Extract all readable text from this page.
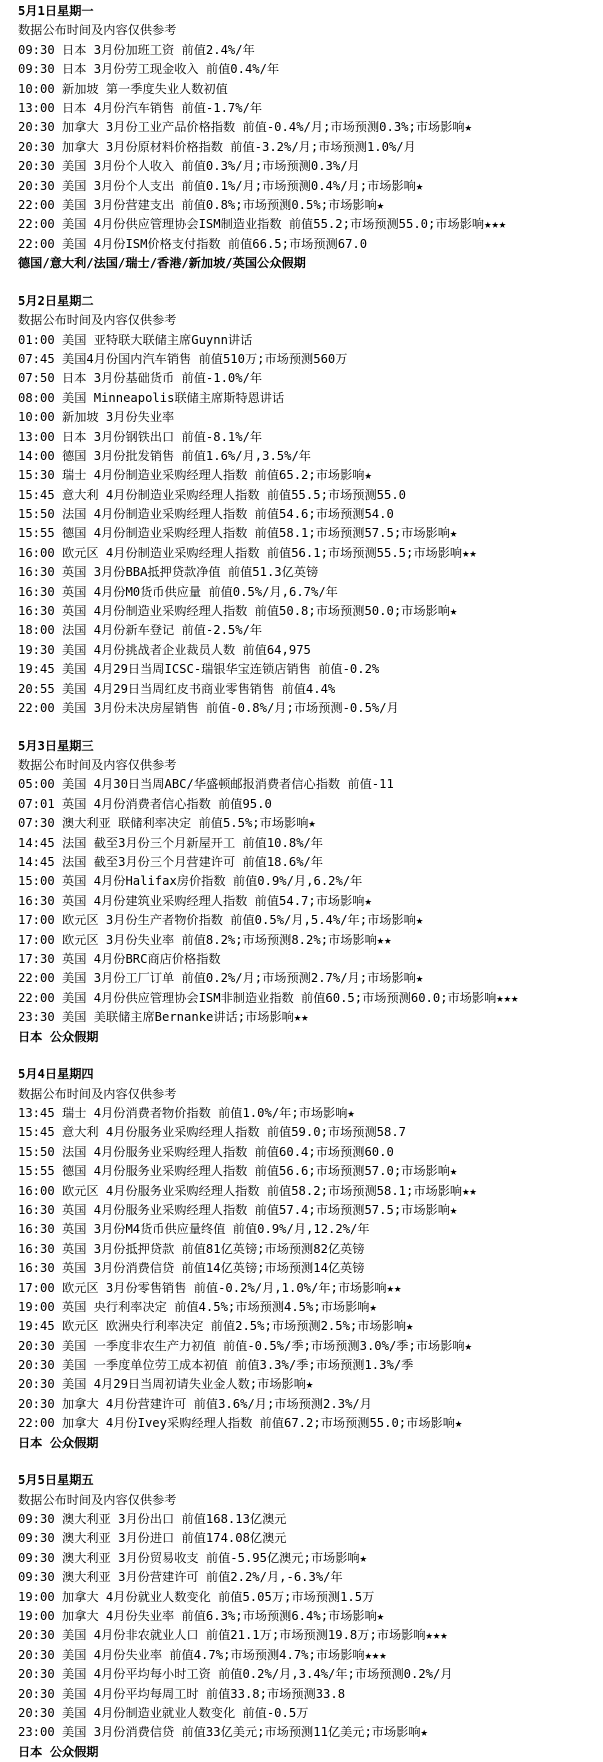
5月1日星期一
数据公布时间及内容仅供参考
09:30 日本 3月份加班工资 前值2.4%/年
09:30 日本 3月份劳工现金收入 前值0.4%/年
10:00 新加坡 第一季度失业人数初值
13:00 日本 4月份汽车销售 前值-1.7%/年
20:30 加拿大 3月份工业产品价格指数 前值-0.4%/月;市场预测0.3%;市场影响★
20:30 加拿大 3月份原材料价格指数 前值-3.2%/月;市场预测1.0%/月
20:30 美国 3月份个人收入 前值0.3%/月;市场预测0.3%/月
20:30 美国 3月份个人支出 前值0.1%/月;市场预测0.4%/月;市场影响★
22:00 美国 3月份营建支出 前值0.8%;市场预测0.5%;市场影响★
22:00 美国 4月份供应管理协会ISM制造业指数 前值55.2;市场预测55.0;市场影响★★★
22:00 美国 4月份ISM价格支付指数 前值66.5;市场预测67.0
德国/意大利/法国/瑞士/香港/新加坡/英国公众假期
5月2日星期二
数据公布时间及内容仅供参考
01:00 美国 亚特联大联储主席Guynn讲话
07:45 美国4月份国内汽车销售 前值510万;市场预测560万
07:50 日本 3月份基础货币 前值-1.0%/年
08:00 美国 Minneapolis联储主席斯特恩讲话
10:00 新加坡 3月份失业率
13:00 日本 3月份钢铁出口 前值-8.1%/年
14:00 德国 3月份批发销售 前值1.6%/月,3.5%/年
15:30 瑞士 4月份制造业采购经理人指数 前值65.2;市场影响★
15:45 意大利 4月份制造业采购经理人指数 前值55.5;市场预测55.0
15:50 法国 4月份制造业采购经理人指数 前值54.6;市场预测54.0
15:55 德国 4月份制造业采购经理人指数 前值58.1;市场预测57.5;市场影响★
16:00 欧元区 4月份制造业采购经理人指数 前值56.1;市场预测55.5;市场影响★★
16:30 英国 3月份BBA抵押贷款净值 前值51.3亿英镑
16:30 英国 4月份M0货币供应量 前值0.5%/月,6.7%/年
16:30 英国 4月份制造业采购经理人指数 前值50.8;市场预测50.0;市场影响★
18:00 法国 4月份新车登记 前值-2.5%/年
19:30 美国 4月份挑战者企业裁员人数 前值64,975
19:45 美国 4月29日当周ICSC-瑞银华宝连锁店销售 前值-0.2%
20:55 美国 4月29日当周红皮书商业零售销售 前值4.4%
22:00 美国 3月份未决房屋销售 前值-0.8%/月;市场预测-0.5%/月
5月3日星期三
数据公布时间及内容仅供参考
05:00 美国 4月30日当周ABC/华盛顿邮报消费者信心指数 前值-11
07:01 英国 4月份消费者信心指数 前值95.0
07:30 澳大利亚 联储利率决定 前值5.5%;市场影响★
14:45 法国 截至3月份三个月新屋开工 前值10.8%/年
14:45 法国 截至3月份三个月营建许可 前值18.6%/年
15:00 英国 4月份Halifax房价指数 前值0.9%/月,6.2%/年
16:30 英国 4月份建筑业采购经理人指数 前值54.7;市场影响★
17:00 欧元区 3月份生产者物价指数 前值0.5%/月,5.4%/年;市场影响★
17:00 欧元区 3月份失业率 前值8.2%;市场预测8.2%;市场影响★★
17:30 英国 4月份BRC商店价格指数
22:00 美国 3月份工厂订单 前值0.2%/月;市场预测2.7%/月;市场影响★
22:00 美国 4月份供应管理协会ISM非制造业指数 前值60.5;市场预测60.0;市场影响★★★
23:30 美国 美联储主席Bernanke讲话;市场影响★★
日本 公众假期
5月4日星期四
数据公布时间及内容仅供参考
13:45 瑞士 4月份消费者物价指数 前值1.0%/年;市场影响★
15:45 意大利 4月份服务业采购经理人指数 前值59.0;市场预测58.7
15:50 法国 4月份服务业采购经理人指数 前值60.4;市场预测60.0
15:55 德国 4月份服务业采购经理人指数 前值56.6;市场预测57.0;市场影响★
16:00 欧元区 4月份服务业采购经理人指数 前值58.2;市场预测58.1;市场影响★★
16:30 英国 4月份服务业采购经理人指数 前值57.4;市场预测57.5;市场影响★
16:30 英国 3月份M4货币供应量终值 前值0.9%/月,12.2%/年
16:30 英国 3月份抵押贷款 前值81亿英镑;市场预测82亿英镑
16:30 英国 3月份消费信贷 前值14亿英镑;市场预测14亿英镑
17:00 欧元区 3月份零售销售 前值-0.2%/月,1.0%/年;市场影响★★
19:00 英国 央行利率决定 前值4.5%;市场预测4.5%;市场影响★
19:45 欧元区 欧洲央行利率决定 前值2.5%;市场预测2.5%;市场影响★
20:30 美国 一季度非农生产力初值 前值-0.5%/季;市场预测3.0%/季;市场影响★
20:30 美国 一季度单位劳工成本初值 前值3.3%/季;市场预测1.3%/季
20:30 美国 4月29日当周初请失业金人数;市场影响★
20:30 加拿大 4月份营建许可 前值3.6%/月;市场预测2.3%/月
22:00 加拿大 4月份Ivey采购经理人指数 前值67.2;市场预测55.0;市场影响★
日本 公众假期
5月5日星期五
数据公布时间及内容仅供参考
09:30 澳大利亚 3月份出口 前值168.13亿澳元
09:30 澳大利亚 3月份进口 前值174.08亿澳元
09:30 澳大利亚 3月份贸易收支 前值-5.95亿澳元;市场影响★
09:30 澳大利亚 3月份营建许可 前值2.2%/月,-6.3%/年
19:00 加拿大 4月份就业人数变化 前值5.05万;市场预测1.5万
19:00 加拿大 4月份失业率 前值6.3%;市场预测6.4%;市场影响★
20:30 美国 4月份非农就业人口 前值21.1万;市场预测19.8万;市场影响★★★
20:30 美国 4月份失业率 前值4.7%;市场预测4.7%;市场影响★★★
20:30 美国 4月份平均每小时工资 前值0.2%/月,3.4%/年;市场预测0.2%/月
20:30 美国 4月份平均每周工时 前值33.8;市场预测33.8
20:30 美国 4月份制造业就业人数变化 前值-0.5万
23:00 美国 3月份消费信贷 前值33亿美元;市场预测11亿美元;市场影响★
日本 公众假期
